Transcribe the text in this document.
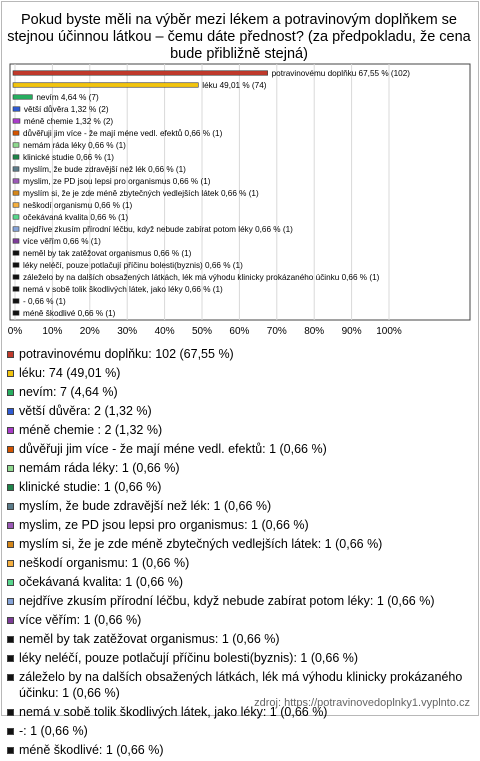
Pokud byste měli na výběr mezi lékem a potravinovým doplňkem se stejnou účinnou látkou – čemu dáte přednost? (za předpokladu, že cena bude přibližně stejná)
0% 10% 20% 30% 40% 50% 60% 70% 80% 90% 100%
potravinovému doplňku 67,55 % (102)
léku 49,01 % (74)
nevím 4,64 % (7)
větší důvěra 1,32 % (2)
méně chemie 1,32 % (2)
důvěřuji jim více - že mají méne vedl. efektů 0,66 % (1)
nemám ráda léky 0,66 % (1)
klinické studie 0,66 % (1)
myslím, že bude zdravější než lék 0,66 % (1)
myslim, ze PD jsou lepsi pro organismus 0,66 % (1)
myslím si, že je zde méně zbytečných vedlejších látek 0,66 % (1)
neškodí organismu 0,66 % (1)
očekávaná kvalita 0,66 % (1)
nejdříve zkusím přírodní léčbu, když nebude zabírat potom léky 0,66 % (1)
více věřím 0,66 % (1)
neměl by tak zatěžovat organismus 0,66 % (1)
léky neléčí, pouze potlačují příčinu bolesti(byznis) 0,66 % (1)
záleželo by na dalších obsažených látkách, lék má výhodu klinicky prokázaného účinku 0,66 % (1)
nemá v sobě tolik škodlivých látek, jako léky 0,66 % (1)
- 0,66 % (1)
méně škodlivé 0,66 % (1)
potravinovému doplňku: 102 (67,55 %)
léku: 74 (49,01 %)
nevím: 7 (4,64 %)
větší důvěra: 2 (1,32 %)
méně chemie : 2 (1,32 %)
důvěřuji jim více - že mají méne vedl. efektů: 1 (0,66 %)
nemám ráda léky: 1 (0,66 %)
klinické studie: 1 (0,66 %)
myslím, že bude zdravější než lék: 1 (0,66 %)
myslim, ze PD jsou lepsi pro organismus: 1 (0,66 %)
myslím si, že je zde méně zbytečných vedlejších látek: 1 (0,66 %)
neškodí organismu: 1 (0,66 %)
očekávaná kvalita: 1 (0,66 %)
nejdříve zkusím přírodní léčbu, když nebude zabírat potom léky: 1 (0,66 %)
více věřím: 1 (0,66 %)
neměl by tak zatěžovat organismus: 1 (0,66 %)
léky neléčí, pouze potlačují příčinu bolesti(byznis): 1 (0,66 %)
záleželo by na dalších obsažených látkách, lék má výhodu klinicky prokázaného účinku: 1 (0,66 %)
nemá v sobě tolik škodlivých látek, jako léky: 1 (0,66 %)
-: 1 (0,66 %)
méně škodlivé: 1 (0,66 %)
zdroj: https://potravinovedoplnky1.vyplnto.cz
